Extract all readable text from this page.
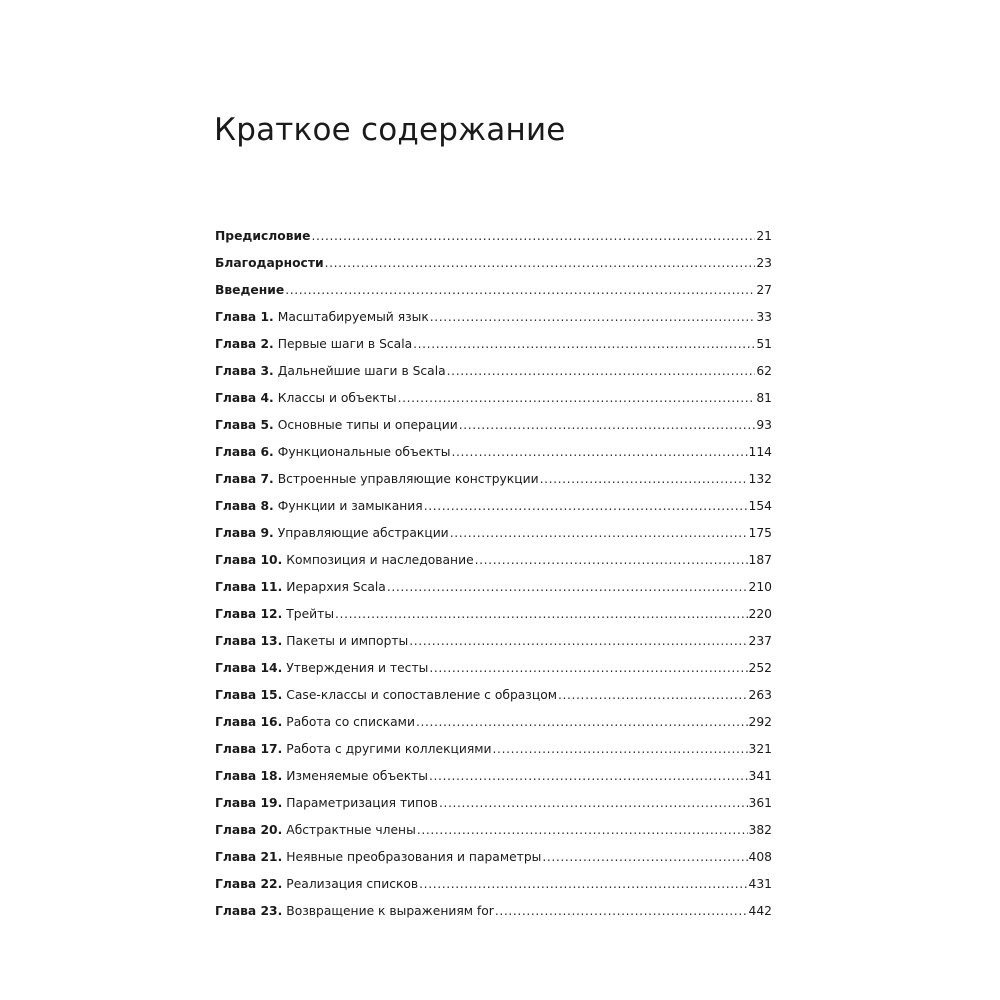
Краткое содержание
Предисловие .....	21
Благодарности .....	23
Введение .....	27
Глава 1. Масштабируемый язык .....	33
Глава 2. Первые шаги в Scala .....	51
Глава 3. Дальнейшие шаги в Scala .....	62
Глава 4. Классы и объекты .....	81
Глава 5. Основные типы и операции .....	93
Глава 6. Функциональные объекты .....	114
Глава 7. Встроенные управляющие конструкции .....	132
Глава 8. Функции и замыкания .....	154
Глава 9. Управляющие абстракции .....	175
Глава 10. Композиция и наследование .....	187
Глава 11. Иерархия Scala .....	210
Глава 12. Трейты .....	220
Глава 13. Пакеты и импорты .....	237
Глава 14. Утверждения и тесты .....	252
Глава 15. Case-классы и сопоставление с образцом .....	263
Глава 16. Работа со списками .....	292
Глава 17. Работа с другими коллекциями .....	321
Глава 18. Изменяемые объекты .....	341
Глава 19. Параметризация типов .....	361
Глава 20. Абстрактные члены .....	382
Глава 21. Неявные преобразования и параметры .....	408
Глава 22. Реализация списков .....	431
Глава 23. Возвращение к выражениям for .....	442
